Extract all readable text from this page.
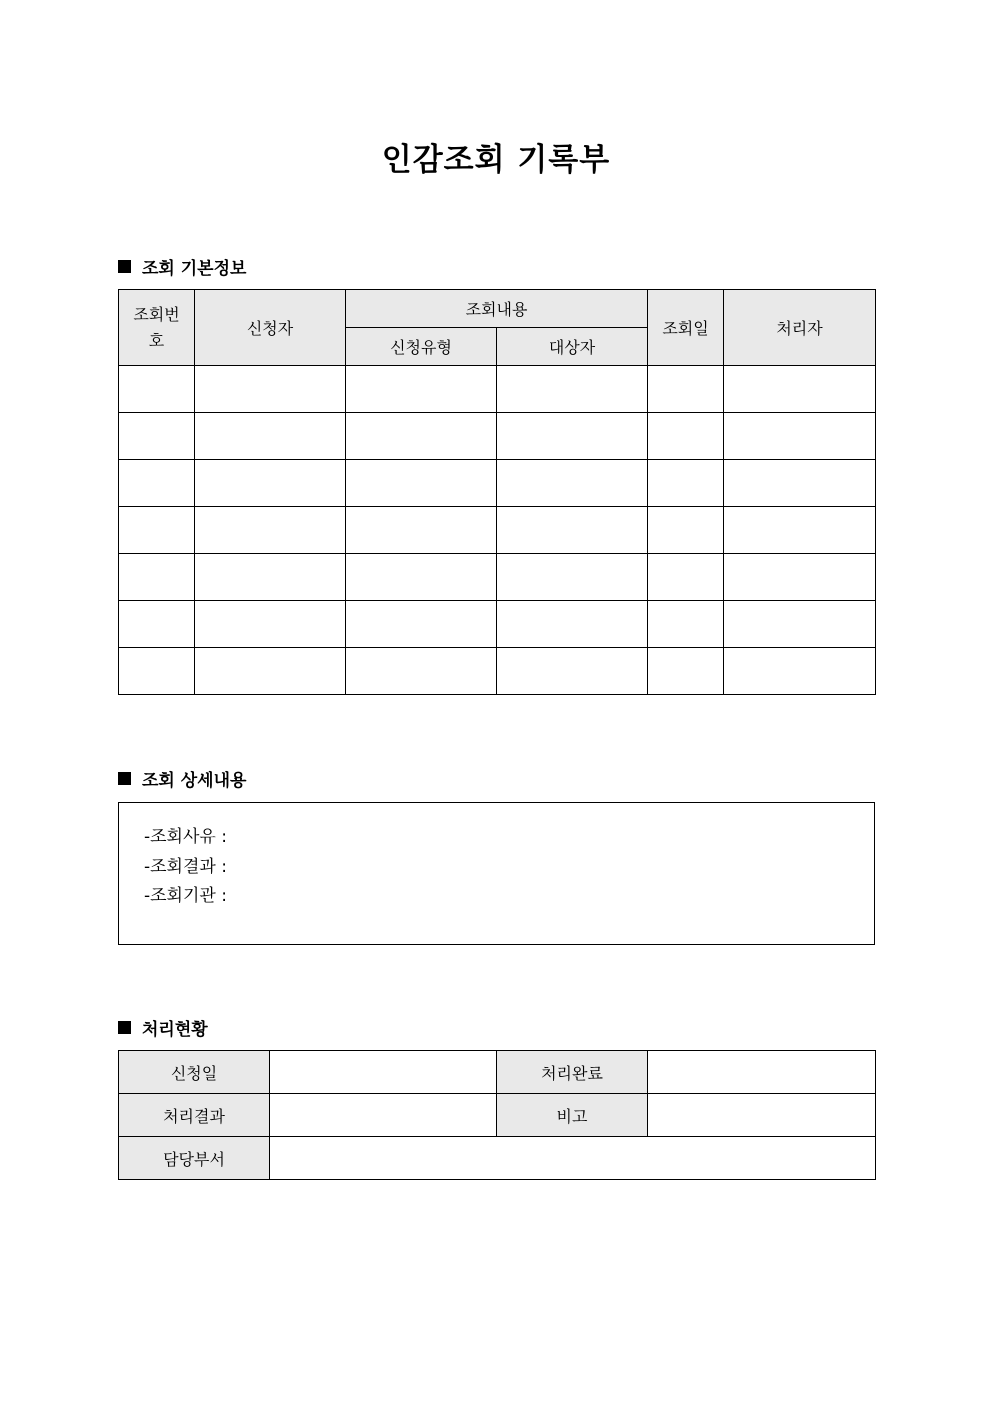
인감조회 기록부
조회 기본정보
조회번호	신청자	조회내용		조회일	처리자
		신청유형	대상자		

조회 상세내용
-조회사유 :
-조회결과 :
-조회기관 :
처리현황
신청일		처리완료	
처리결과		비고	
담당부서			
